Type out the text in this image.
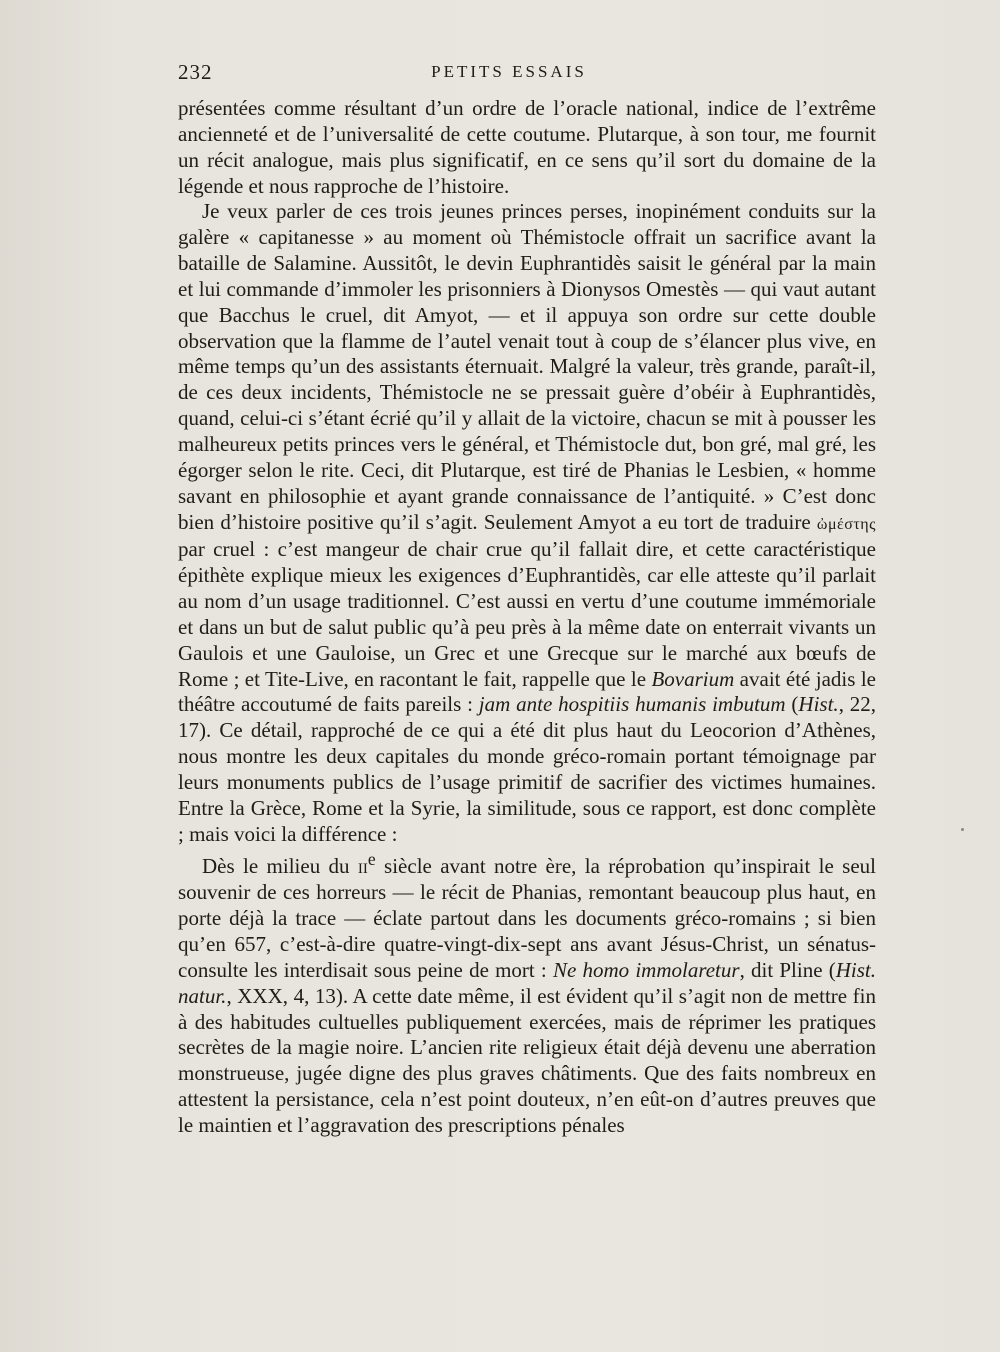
232	PETITS ESSAIS

présentées comme résultant d’un ordre de l’oracle national, indice de l’extrême ancienneté et de l’universalité de cette coutume. Plutarque, à son tour, me fournit un récit analogue, mais plus significatif, en ce sens qu’il sort du domaine de la légende et nous rapproche de l’histoire.

Je veux parler de ces trois jeunes princes perses, inopinément conduits sur la galère « capitanesse » au moment où Thémistocle offrait un sacrifice avant la bataille de Salamine. Aussitôt, le devin Euphrantidès saisit le général par la main et lui commande d’immoler les prisonniers à Dionysos Omestès — qui vaut autant que Bacchus le cruel, dit Amyot, — et il appuya son ordre sur cette double observation que la flamme de l’autel venait tout à coup de s’élancer plus vive, en même temps qu’un des assistants éternuait. Malgré la valeur, très grande, paraît-il, de ces deux incidents, Thémistocle ne se pressait guère d’obéir à Euphrantidès, quand, celui-ci s’étant écrié qu’il y allait de la victoire, chacun se mit à pousser les malheureux petits princes vers le général, et Thémistocle dut, bon gré, mal gré, les égorger selon le rite. Ceci, dit Plutarque, est tiré de Phanias le Lesbien, « homme savant en philosophie et ayant grande connaissance de l’antiquité. » C’est donc bien d’histoire positive qu’il s’agit. Seulement Amyot a eu tort de traduire ὠμέστης par cruel : c’est mangeur de chair crue qu’il fallait dire, et cette caractéristique épithète explique mieux les exigences d’Euphrantidès, car elle atteste qu’il parlait au nom d’un usage traditionnel. C’est aussi en vertu d’une coutume immémoriale et dans un but de salut public qu’à peu près à la même date on enterrait vivants un Gaulois et une Gauloise, un Grec et une Grecque sur le marché aux bœufs de Rome ; et Tite-Live, en racontant le fait, rappelle que le Bovarium avait été jadis le théâtre accoutumé de faits pareils : jam ante hospitiis humanis imbutum (Hist., 22, 17). Ce détail, rapproché de ce qui a été dit plus haut du Leocorion d’Athènes, nous montre les deux capitales du monde gréco-romain portant témoignage par leurs monuments publics de l’usage primitif de sacrifier des victimes humaines. Entre la Grèce, Rome et la Syrie, la similitude, sous ce rapport, est donc complète ; mais voici la différence :

Dès le milieu du $ii^e$ siècle avant notre ère, la réprobation qu’inspirait le seul souvenir de ces horreurs — le récit de Phanias, remontant beaucoup plus haut, en porte déjà la trace — éclate partout dans les documents gréco-romains ; si bien qu’en 657, c’est-à-dire quatre-vingt-dix-sept ans avant Jésus-Christ, un sénatus-consulte les interdisait sous peine de mort : Ne homo immolaretur, dit Pline (Hist. natur., XXX, 4, 13). A cette date même, il est évident qu’il s’agit non de mettre fin à des habitudes cultuelles publiquement exercées, mais de réprimer les pratiques secrètes de la magie noire. L’ancien rite religieux était déjà devenu une aberration monstrueuse, jugée digne des plus graves châtiments. Que des faits nombreux en attestent la persistance, cela n’est point douteux, n’en eût-on d’autres preuves que le maintien et l’aggravation des prescriptions pénales
